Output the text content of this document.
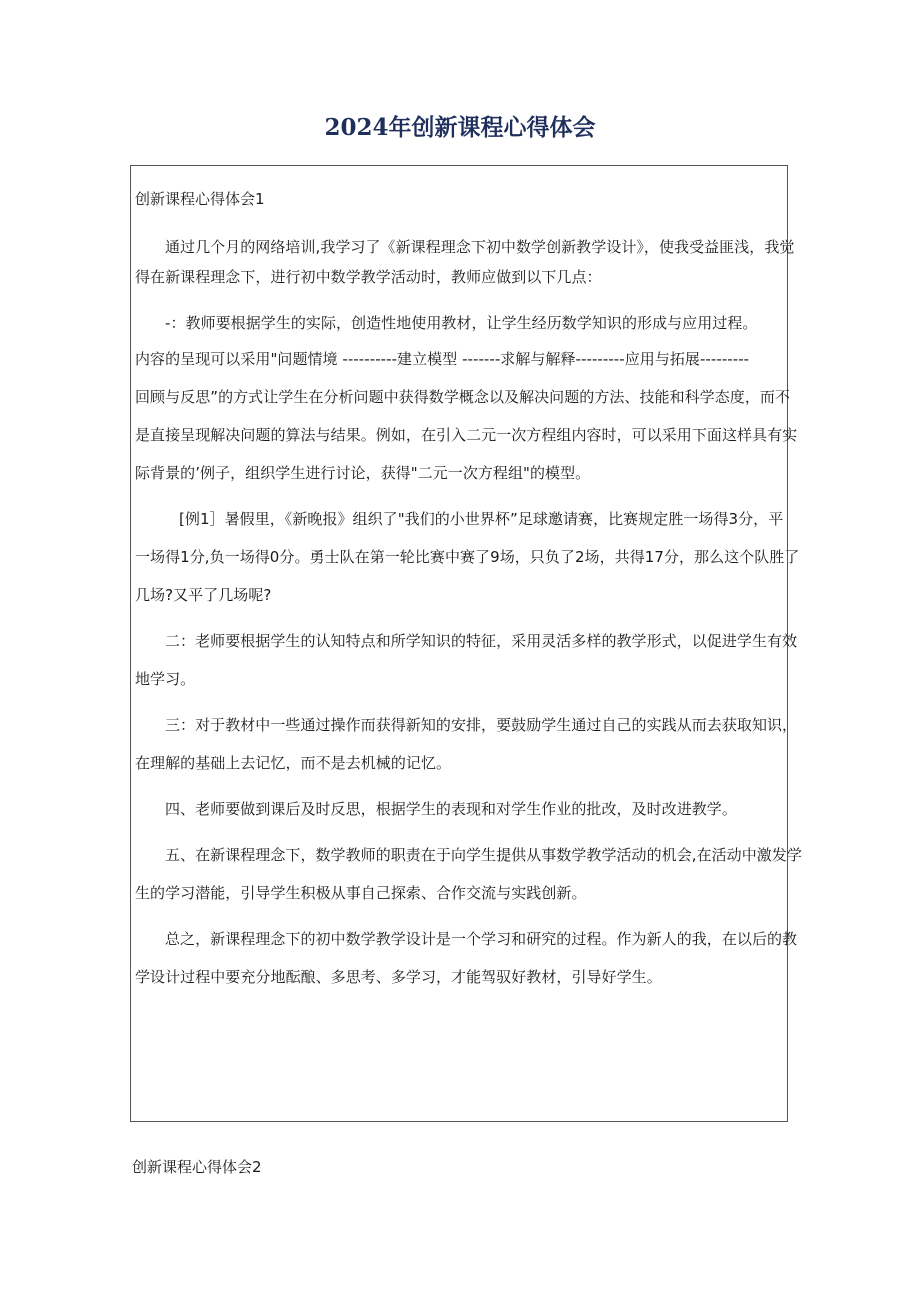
2024年创新课程心得体会
创新课程心得体会1

通过几个月的网络培训,我学习了《新课程理念下初中数学创新教学设计》，使我受益匪浅，我觉
得在新课程理念下，进行初中数学教学活动时，教师应做到以下几点：

-：教师要根据学生的实际，创造性地使用教材，让学生经历数学知识的形成与应用过程。

内容的呈现可以采用"问题情境 ----------建立模型 -------求解与解释---------应用与拓展---------
回顾与反思”的方式让学生在分析问题中获得数学概念以及解决问题的方法、技能和科学态度，而不
是直接呈现解决问题的算法与结果。例如，在引入二元一次方程组内容时，可以采用下面这样具有实
际背景的’例子，组织学生进行讨论，获得"二元一次方程组"的模型。

[例1］暑假里，《新晚报》组织了"我们的小世界杯”足球邀请赛，比赛规定胜一场得3分，平
一场得1分,负一场得0分。勇士队在第一轮比赛中赛了9场，只负了2场，共得17分，那么这个队胜了
几场?又平了几场呢?

二：老师要根据学生的认知特点和所学知识的特征，采用灵活多样的教学形式，以促进学生有效
地学习。

三：对于教材中一些通过操作而获得新知的安排，要鼓励学生通过自己的实践从而去获取知识，
在理解的基础上去记忆，而不是去机械的记忆。

四、老师要做到课后及时反思，根据学生的表现和对学生作业的批改，及时改进教学。

五、在新课程理念下，数学教师的职责在于向学生提供从事数学教学活动的机会,在活动中激发学
生的学习潜能，引导学生积极从事自己探索、合作交流与实践创新。

总之，新课程理念下的初中数学教学设计是一个学习和研究的过程。作为新人的我，在以后的教
学设计过程中要充分地酝酿、多思考、多学习，才能驾驭好教材，引导好学生。

创新课程心得体会2
